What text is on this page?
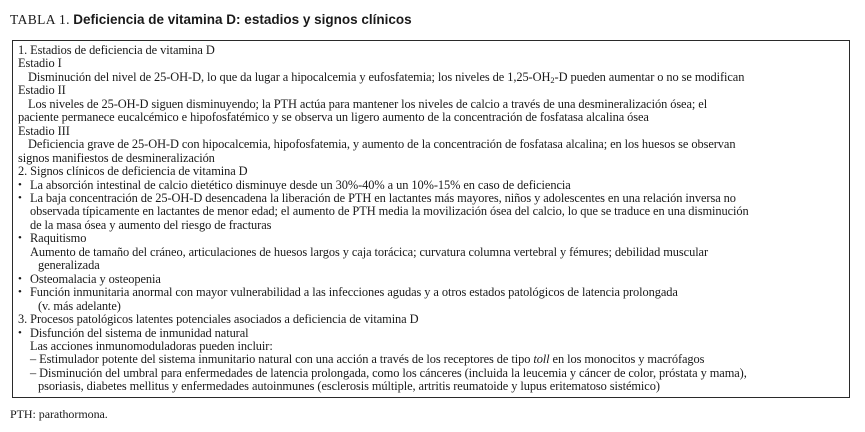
TABLA 1. Deficiencia de vitamina D: estadios y signos clínicos
1. Estadios de deficiencia de vitamina D
Estadio I
Disminución del nivel de 25-OH-D, lo que da lugar a hipocalcemia y eufosfatemia; los niveles de $1,25-OH_2-D$ pueden aumentar o no se modifican
Estadio II
Los niveles de 25-OH-D siguen disminuyendo; la PTH actúa para mantener los niveles de calcio a través de una desmineralización ósea; el
paciente permanece eucalcémico e hipofosfatémico y se observa un ligero aumento de la concentración de fosfatasa alcalina ósea
Estadio III
Deficiencia grave de 25-OH-D con hipocalcemia, hipofosfatemia, y aumento de la concentración de fosfatasa alcalina; en los huesos se observan
signos manifiestos de desmineralización
2. Signos clínicos de deficiencia de vitamina D
• La absorción intestinal de calcio dietético disminuye desde un 30%-40% a un 10%-15% en caso de deficiencia
• La baja concentración de 25-OH-D desencadena la liberación de PTH en lactantes más mayores, niños y adolescentes en una relación inversa no
observada típicamente en lactantes de menor edad; el aumento de PTH media la movilización ósea del calcio, lo que se traduce en una disminución
de la masa ósea y aumento del riesgo de fracturas
• Raquitismo
Aumento de tamaño del cráneo, articulaciones de huesos largos y caja torácica; curvatura columna vertebral y fémures; debilidad muscular
generalizada
• Osteomalacia y osteopenia
• Función inmunitaria anormal con mayor vulnerabilidad a las infecciones agudas y a otros estados patológicos de latencia prolongada
(v. más adelante)
3. Procesos patológicos latentes potenciales asociados a deficiencia de vitamina D
• Disfunción del sistema de inmunidad natural
Las acciones inmunomoduladoras pueden incluir:
– Estimulador potente del sistema inmunitario natural con una acción a través de los receptores de tipo toll en los monocitos y macrófagos
– Disminución del umbral para enfermedades de latencia prolongada, como los cánceres (incluida la leucemia y cáncer de color, próstata y mama),
psoriasis, diabetes mellitus y enfermedades autoinmunes (esclerosis múltiple, artritis reumatoide y lupus eritematoso sistémico)
PTH: parathormona.
